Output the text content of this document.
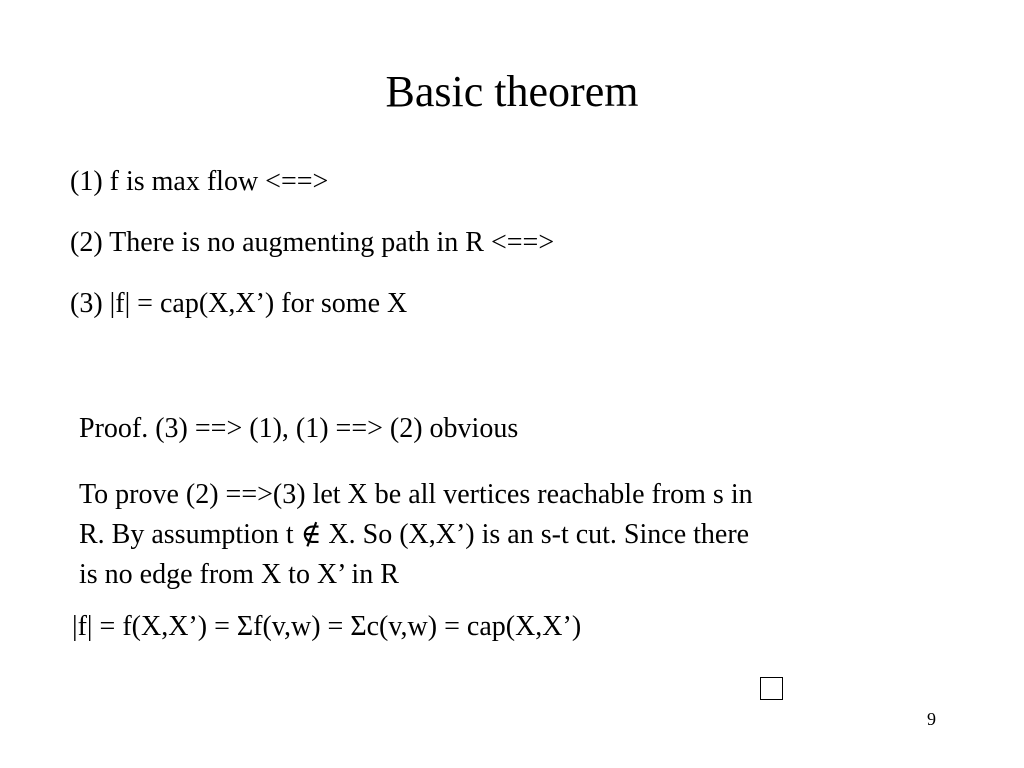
Basic theorem
(1) f is max flow <==>
(2) There is no augmenting path in R <==>
(3) |f| = cap(X,X’) for some X
Proof. (3) ==> (1), (1) ==> (2) obvious
To prove (2) ==>(3) let X be all vertices reachable from s in
R. By assumption t ∉ X. So (X,X’) is an s-t cut. Since there
is no edge from X to X’ in R
|f| = f(X,X’) = Σf(v,w) = Σc(v,w) = cap(X,X’)
9
